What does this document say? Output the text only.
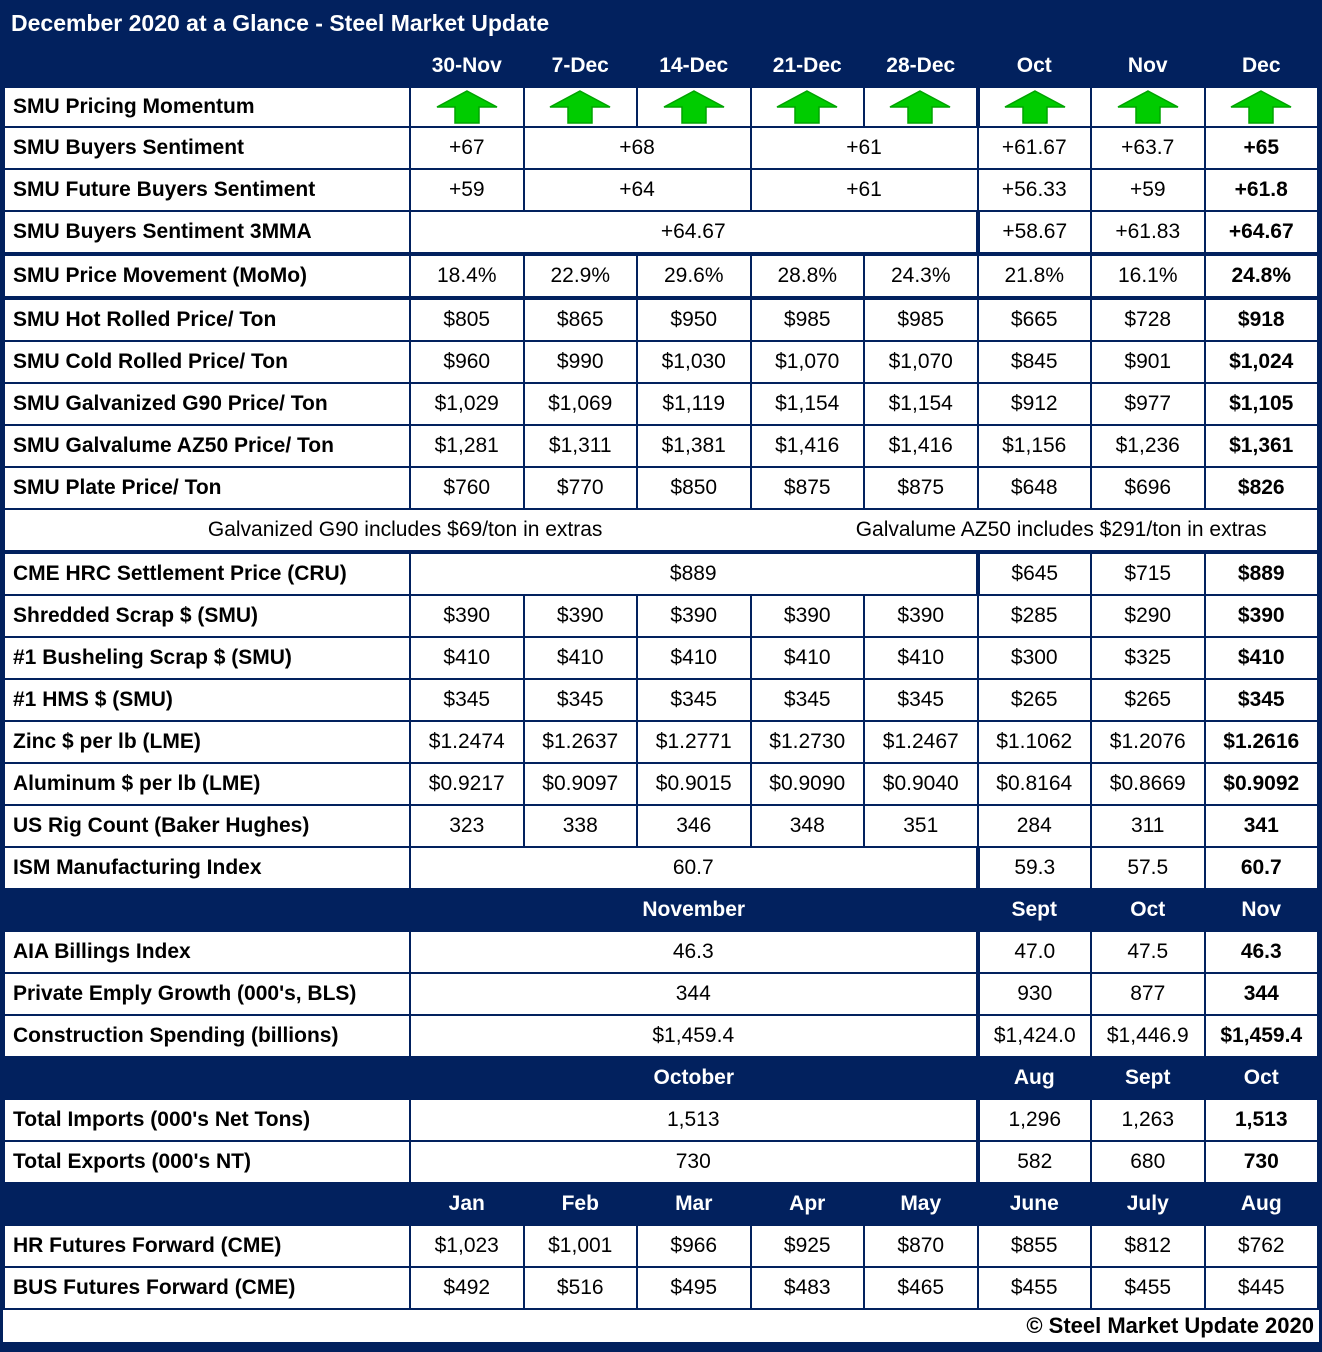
December 2020 at a Glance - Steel Market Update
	30-Nov	7-Dec	14-Dec	21-Dec	28-Dec	Oct	Nov	Dec
SMU Pricing Momentum	

SMU Buyers Sentiment	+67	+68		+61		+61.67	+63.7	+65
SMU Future Buyers Sentiment	+59	+64		+61		+56.33	+59	+61.8
SMU Buyers Sentiment 3MMA	+64.67					+58.67	+61.83	+64.67
SMU Price Movement (MoMo)	18.4%	22.9%	29.6%	28.8%	24.3%	21.8%	16.1%	24.8%
SMU Hot Rolled Price/ Ton	$805	$865	$950	$985	$985	$665	$728	$918
SMU Cold Rolled Price/ Ton	$960	$990	$1,030	$1,070	$1,070	$845	$901	$1,024
SMU Galvanized G90 Price/ Ton	$1,029	$1,069	$1,119	$1,154	$1,154	$912	$977	$1,105
SMU Galvalume AZ50 Price/ Ton	$1,281	$1,311	$1,381	$1,416	$1,416	$1,156	$1,236	$1,361
SMU Plate Price/ Ton	$760	$770	$850	$875	$875	$648	$696	$826

Galvanized G90 includes $69/ton in extras Galvalume AZ50 includes $291/ton in extras								

CME HRC Settlement Price (CRU)	$889					$645	$715	$889
Shredded Scrap $ (SMU)	$390	$390	$390	$390	$390	$285	$290	$390
#1 Busheling Scrap $ (SMU)	$410	$410	$410	$410	$410	$300	$325	$410
#1 HMS $ (SMU)	$345	$345	$345	$345	$345	$265	$265	$345
Zinc $ per lb (LME)	$1.2474	$1.2637	$1.2771	$1.2730	$1.2467	$1.1062	$1.2076	$1.2616
Aluminum $ per lb (LME)	$0.9217	$0.9097	$0.9015	$0.9090	$0.9040	$0.8164	$0.8669	$0.9092
US Rig Count (Baker Hughes)	323	338	346	348	351	284	311	341
ISM Manufacturing Index	60.7					59.3	57.5	60.7
	November					Sept	Oct	Nov
AIA Billings Index	46.3					47.0	47.5	46.3
Private Emply Growth (000's, BLS)	344					930	877	344
Construction Spending (billions)	$1,459.4					$1,424.0	$1,446.9	$1,459.4
	October					Aug	Sept	Oct
Total Imports (000's Net Tons)	1,513					1,296	1,263	1,513
Total Exports (000's NT)	730					582	680	730
	Jan	Feb	Mar	Apr	May	June	July	Aug
HR Futures Forward (CME)	$1,023	$1,001	$966	$925	$870	$855	$812	$762
BUS Futures Forward (CME)	$492	$516	$495	$483	$465	$455	$455	$445
© Steel Market Update 2020
